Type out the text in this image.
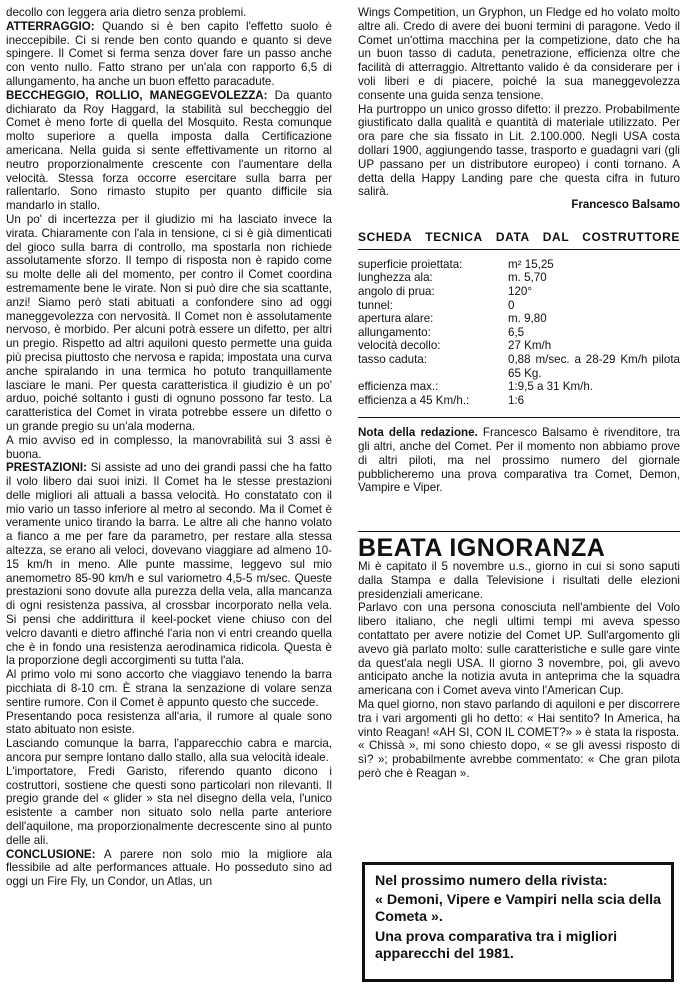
decollo con leggera aria dietro senza problemi.

ATTERRAGGIO: Quando si è ben capito l'effetto suolo è ineccepibile. Ci si rende ben conto quando e quanto si deve spingere. Il Comet si ferma senza dover fare un passo anche con vento nullo. Fatto strano per un'ala con rapporto 6,5 di allungamento, ha anche un buon effetto paracadute.

BECCHEGGIO, ROLLIO, MANEGGEVOLEZZA: Da quanto dichiarato da Roy Haggard, la stabilità sul beccheggio del Comet è meno forte di quella del Mosquito. Resta comunque molto superiore a quella imposta dalla Certificazione americana. Nella guida si sente effettivamente un ritorno al neutro proporzionalmente crescente con l'aumentare della velocità. Stessa forza occorre esercitare sulla barra per rallentarlo. Sono rimasto stupito per quanto difficile sia mandarlo in stallo.

Un po' di incertezza per il giudizio mi ha lasciato invece la virata. Chiaramente con l'ala in tensione, ci si è già dimenticati del gioco sulla barra di controllo, ma spostarla non richiede assolutamente sforzo. Il tempo di risposta non è rapido come su molte delle ali del momento, per contro il Comet coordina estremamente bene le virate. Non si può dire che sia scattante, anzi! Siamo però stati abituati a confondere sino ad oggi maneggevolezza con nervosità. Il Comet non è assolutamente nervoso, è morbido. Per alcuni potrà essere un difetto, per altri un pregio. Rispetto ad altri aquiloni questo permette una guida più precisa piuttosto che nervosa e rapida; impostata una curva anche spiralando in una termica ho potuto tranquillamente lasciare le mani. Per questa caratteristica il giudizio è un po' arduo, poiché soltanto i gusti di ognuno possono far testo. La caratteristica del Comet in virata potrebbe essere un difetto o un grande pregio su un'ala moderna.

A mio avviso ed in complesso, la manovrabilità sui 3 assi è buona.

PRESTAZIONI: Si assiste ad uno dei grandi passi che ha fatto il volo libero dai suoi inizi. Il Comet ha le stesse prestazioni delle migliori ali attuali a bassa velocità. Ho constatato con il mio vario un tasso inferiore al metro al secondo. Ma il Comet è veramente unico tirando la barra. Le altre ali che hanno volato a fianco a me per fare da parametro, per restare alla stessa altezza, se erano ali veloci, dovevano viaggiare ad almeno 10-15 km/h in meno. Alle punte massime, leggevo sul mio anemometro 85-90 km/h e sul variometro 4,5-5 m/sec. Queste prestazioni sono dovute alla purezza della vela, alla mancanza di ogni resistenza passiva, al crossbar incorporato nella vela. Si pensi che addirittura il keel-pocket viene chiuso con del velcro davanti e dietro affinché l'aria non vi entri creando quella che è in fondo una resistenza aerodinamica ridicola. Questa è la proporzione degli accorgimenti su tutta l'ala.

Al primo volo mi sono accorto che viaggiavo tenendo la barra picchiata di 8-10 cm. È strana la senzazione di volare senza sentire rumore. Con il Comet è appunto questo che succede.

Presentando poca resistenza all'aria, il rumore al quale sono stato abituato non esiste.

Lasciando comunque la barra, l'apparecchio cabra e marcia, ancora pur sempre lontano dallo stallo, alla sua velocità ideale.

L'importatore, Fredi Garisto, riferendo quanto dicono i costruttori, sostiene che questi sono particolari non rilevanti. Il pregio grande del « glider » sta nel disegno della vela, l'unico esistente a camber non situato solo nella parte anteriore dell'aquilone, ma proporzionalmente decrescente sino al punto delle ali.

CONCLUSIONE: A parere non solo mio la migliore ala flessibile ad alte performances attuale. Ho posseduto sino ad oggi un Fire Fly, un Condor, un Atlas, un

Wings Competition, un Gryphon, un Fledge ed ho volato molto altre ali. Credo di avere dei buoni termini di paragone. Vedo il Comet un'ottima macchina per la competizione, dato che ha un buon tasso di caduta, penetrazione, efficienza oltre che facilità di atterraggio. Altrettanto valido è da considerare per i voli liberi e di piacere, poiché la sua maneggevolezza consente una guida senza tensione.

Ha purtroppo un unico grosso difetto: il prezzo. Probabilmente giustificato dalla qualità e quantità di materiale utilizzato. Per ora pare che sia fissato in Lit. 2.100.000. Negli USA costa dollari 1900, aggiungendo tasse, trasporto e guadagni vari (gli UP passano per un distributore europeo) i conti tornano. A detta della Happy Landing pare che questa cifra in futuro salirà.

Francesco Balsamo

SCHEDA TECNICA DATA DAL COSTRUTTORE
superficie proiettata:	m² 15,25
lunghezza ala:	m. 5,70
angolo di prua:	120°
tunnel:	0
apertura alare:	m. 9,80
allungamento:	6,5
velocità decollo:	27 Km/h
tasso caduta:	0,88 m/sec. a 28-29 Km/h pilota 65 Kg.
efficienza max.:	1:9,5 a 31 Km/h.
efficienza a 45 Km/h.:	1:6

Nota della redazione. Francesco Balsamo è rivenditore, tra gli altri, anche del Comet. Per il momento non abbiamo prove di altri piloti, ma nel prossimo numero del giornale pubblicheremo una prova comparativa tra Comet, Demon, Vampire e Viper.

BEATA IGNORANZA

Mi è capitato il 5 novembre u.s., giorno in cui si sono saputi dalla Stampa e dalla Televisione i risultati delle elezioni presidenziali americane.

Parlavo con una persona conosciuta nell'ambiente del Volo libero italiano, che negli ultimi tempi mi aveva spesso contattato per avere notizie del Comet UP. Sull'argomento gli avevo già parlato molto: sulle caratteristiche e sulle gare vinte da quest'ala negli USA. Il giorno 3 novembre, poi, gli avevo anticipato anche la notizia avuta in anteprima che la squadra americana con i Comet aveva vinto l'American Cup.

Ma quel giorno, non stavo parlando di aquiloni e per discorrere tra i vari argomenti gli ho detto: « Hai sentito? In America, ha vinto Reagan! «AH SI, CON IL COMET?» » è stata la risposta.

« Chissà », mi sono chiesto dopo, « se gli avessi risposto di sì? »; probabilmente avrebbe commentato: « Che gran pilota però che è Reagan ».

Nel prossimo numero della rivista:

« Demoni, Vipere e Vampiri nella scia della Cometa ».

Una prova comparativa tra i migliori apparecchi del 1981.
